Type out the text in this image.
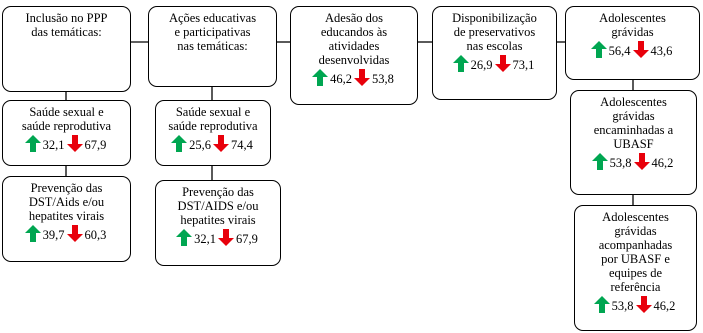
Inclusão no PPP
das temáticas:
Saúde sexual e
saúde reprodutiva
32,1 67,9
Prevenção das
DST/Aids e/ou
hepatites virais
39,7 60,3
Ações educativas
e participativas
nas temáticas:
Saúde sexual e
saúde reprodutiva
25,6 74,4
Prevenção das
DST/AIDS e/ou
hepatites virais
32,1 67,9
Adesão dos
educandos às
atividades
desenvolvidas
46,2 53,8
Disponibilização
de preservativos
nas escolas
26,9 73,1
Adolescentes
grávidas
56,4 43,6
Adolescentes
grávidas
encaminhadas a
UBASF
53,8 46,2
Adolescentes
grávidas
acompanhadas
por UBASF e
equipes de
referência
53,8 46,2
